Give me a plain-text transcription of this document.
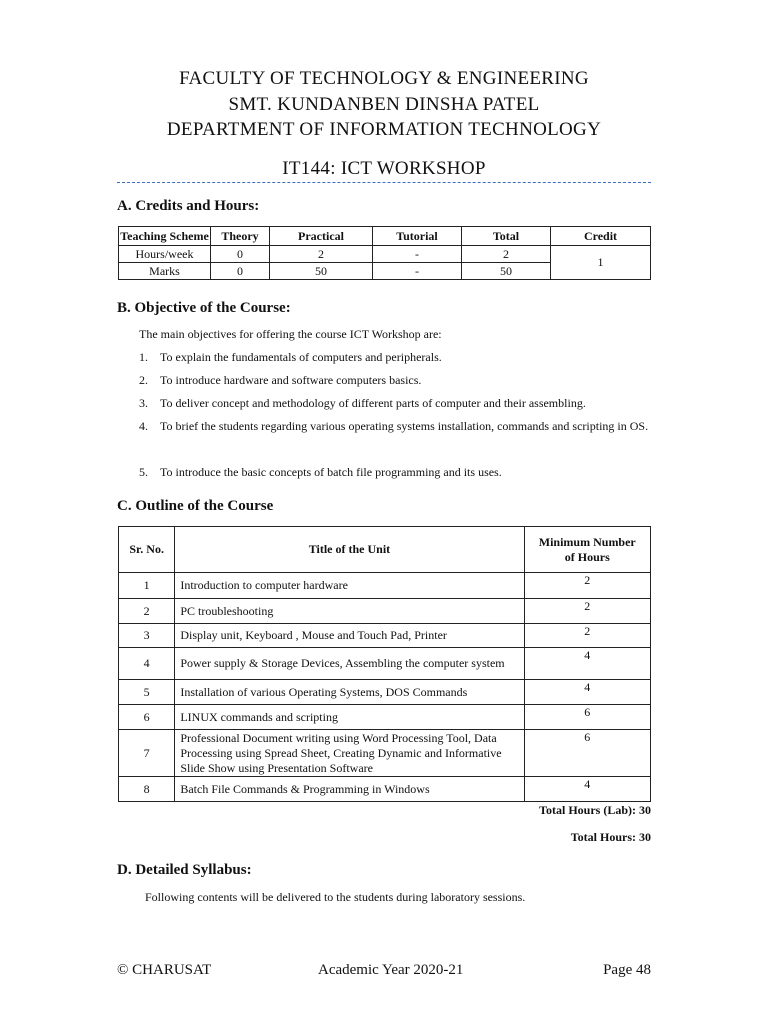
FACULTY OF TECHNOLOGY & ENGINEERING
SMT. KUNDANBEN DINSHA PATEL
DEPARTMENT OF INFORMATION TECHNOLOGY
IT144: ICT WORKSHOP
A. Credits and Hours:
Teaching Scheme	Theory	Practical	Tutorial	Total	Credit
Hours/week	0	2	-	2	1
Marks	0	50	-	50	
B. Objective of the Course:
The main objectives for offering the course ICT Workshop are:
1.	To explain the fundamentals of computers and peripherals.
2.	To introduce hardware and software computers basics.
3.	To deliver concept and methodology of different parts of computer and their assembling.
4.	To brief the students regarding various operating systems installation, commands and scripting in OS.
5.	To introduce the basic concepts of batch file programming and its uses.
C. Outline of the Course
Sr. No.	Title of the Unit	Minimum Number of Hours
1	Introduction to computer hardware	2
2	PC troubleshooting	2
3	Display unit, Keyboard , Mouse and Touch Pad, Printer	2
4	Power supply & Storage Devices, Assembling the computer system	4
5	Installation of various Operating Systems, DOS Commands	4
6	LINUX commands and scripting	6
7	Professional Document writing using Word Processing Tool, Data Processing using Spread Sheet, Creating Dynamic and Informative Slide Show using Presentation Software	6
8	Batch File Commands & Programming in Windows	4
Total Hours (Lab): 30
Total Hours: 30
D. Detailed Syllabus:
Following contents will be delivered to the students during laboratory sessions.
© CHARUSAT	Academic Year 2020-21	Page 48
